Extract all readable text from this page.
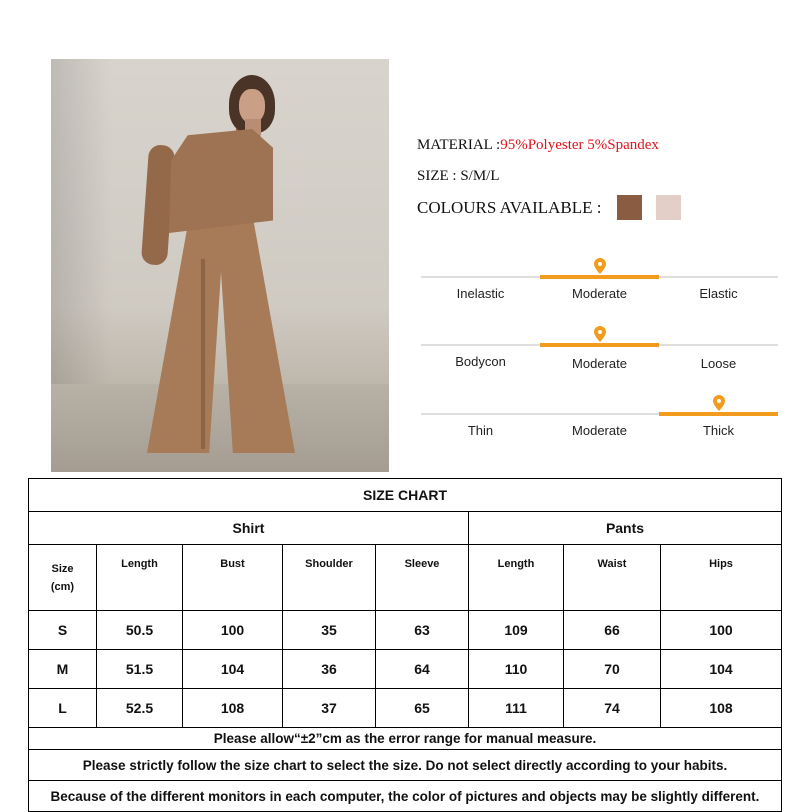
MATERIAL :95%Polyester 5%Spandex
SIZE : S/M/L
COLOURS AVAILABLE :
Inelastic	Moderate	Elastic
Bodycon	Moderate	Loose
Thin	Moderate	Thick
SIZE CHART							
Shirt					Pants		
Size
(cm)	Length	Bust	Shoulder	Sleeve	Length	Waist	Hips
S	50.5	100	35	63	109	66	100
M	51.5	104	36	64	110	70	104
L	52.5	108	37	65	111	74	108
Please allow“±2”cm as the error range for manual measure.							
Please strictly follow the size chart to select the size. Do not select directly according to your habits.							
Because of the different monitors in each computer, the color of pictures and objects may be slightly different.							
